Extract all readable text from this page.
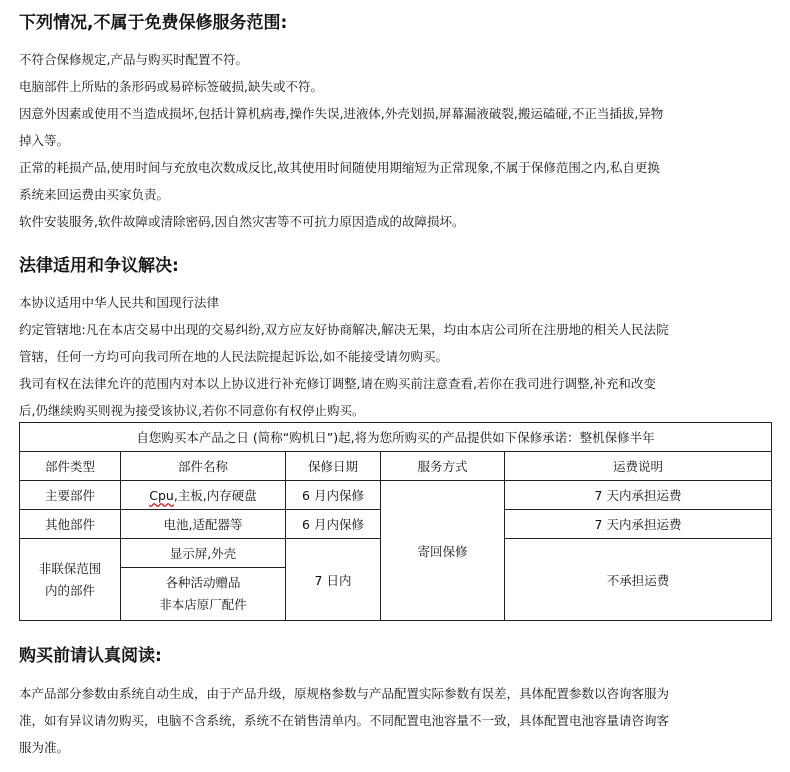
下列情况,不属于免费保修服务范围:
不符合保修规定,产品与购买时配置不符。
电脑部件上所贴的条形码或易碎标签破损,缺失或不符。
因意外因素或使用不当造成损坏,包括计算机病毒,操作失误,进液体,外壳划损,屏幕漏液破裂,搬运磕碰,不正当插拔,异物
掉入等。
正常的耗损产品,使用时间与充放电次数成反比,故其使用时间随使用期缩短为正常现象,不属于保修范围之内,私自更换
系统来回运费由买家负责。
软件安装服务,软件故障或清除密码,因自然灾害等不可抗力原因造成的故障损坏。
法律适用和争议解决:
本协议适用中华人民共和国现行法律
约定管辖地:凡在本店交易中出现的交易纠纷,双方应友好协商解决,解决无果，均由本店公司所在注册地的相关人民法院
管辖，任何一方均可向我司所在地的人民法院提起诉讼,如不能接受请勿购买。
我司有权在法律允许的范围内对本以上协议进行补充修订调整,请在购买前注意查看,若你在我司进行调整,补充和改变
后,仍继续购买则视为接受该协议,若你不同意你有权停止购买。
自您购买本产品之日 (简称“购机日”)起,将为您所购买的产品提供如下保修承诺：整机保修半年				
部件类型	部件名称	保修日期	服务方式	运费说明
主要部件	Cpu,主板,内存硬盘	6 月内保修	寄回保修	7 天内承担运费
其他部件	电池,适配器等	6 月内保修		7 天内承担运费

非联保范围
内的部件	显示屏,外壳	7 日内		不承担运费

	各种活动赠品
非本店原厂配件			
购买前请认真阅读:
本产品部分参数由系统自动生成，由于产品升级，原规格参数与产品配置实际参数有误差，具体配置参数以咨询客服为
准，如有异议请勿购买，电脑不含系统，系统不在销售清单内。不同配置电池容量不一致，具体配置电池容量请咨询客
服为准。
